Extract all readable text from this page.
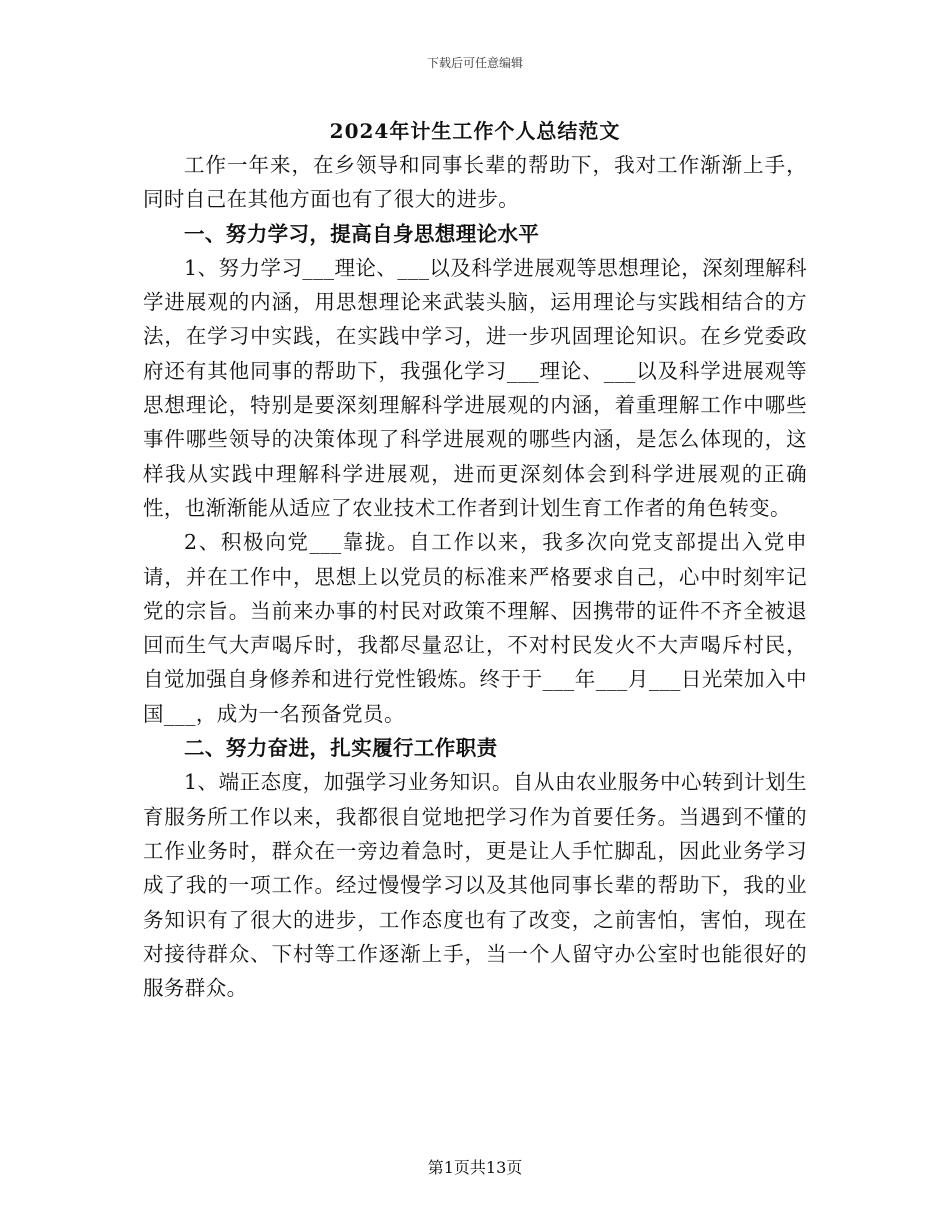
下载后可任意编辑
2024年计生工作个人总结范文

工作一年来，在乡领导和同事长辈的帮助下，我对工作渐渐上手，同时自己在其他方面也有了很大的进步。

一、努力学习，提高自身思想理论水平

1、努力学习___理论、___以及科学进展观等思想理论，深刻理解科学进展观的内涵，用思想理论来武装头脑，运用理论与实践相结合的方法，在学习中实践，在实践中学习，进一步巩固理论知识。在乡党委政府还有其他同事的帮助下，我强化学习___理论、___以及科学进展观等思想理论，特别是要深刻理解科学进展观的内涵，着重理解工作中哪些事件哪些领导的决策体现了科学进展观的哪些内涵，是怎么体现的，这样我从实践中理解科学进展观，进而更深刻体会到科学进展观的正确性，也渐渐能从适应了农业技术工作者到计划生育工作者的角色转变。

2、积极向党___靠拢。自工作以来，我多次向党支部提出入党申请，并在工作中，思想上以党员的标准来严格要求自己，心中时刻牢记党的宗旨。当前来办事的村民对政策不理解、因携带的证件不齐全被退回而生气大声喝斥时，我都尽量忍让，不对村民发火不大声喝斥村民，自觉加强自身修养和进行党性锻炼。终于于___年___月___日光荣加入中国___，成为一名预备党员。

二、努力奋进，扎实履行工作职责

1、端正态度，加强学习业务知识。自从由农业服务中心转到计划生育服务所工作以来，我都很自觉地把学习作为首要任务。当遇到不懂的工作业务时，群众在一旁边着急时，更是让人手忙脚乱，因此业务学习成了我的一项工作。经过慢慢学习以及其他同事长辈的帮助下，我的业务知识有了很大的进步，工作态度也有了改变，之前害怕，害怕，现在对接待群众、下村等工作逐渐上手，当一个人留守办公室时也能很好的服务群众。

第1页共13页
